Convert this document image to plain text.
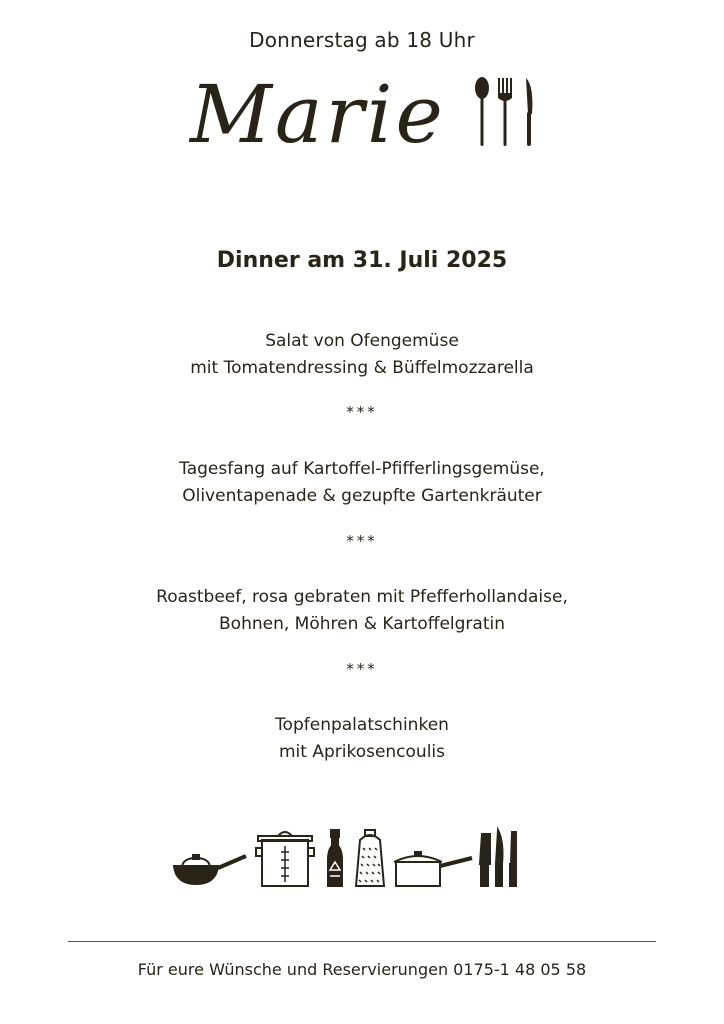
Donnerstag ab 18 Uhr
Marie
Dinner am 31. Juli 2025
Salat von Ofengemüse
mit Tomatendressing & Büffelmozzarella
***
Tagesfang auf Kartoffel-Pfifferlingsgemüse,
Oliventapenade & gezupfte Gartenkräuter
***
Roastbeef, rosa gebraten mit Pfefferhollandaise,
Bohnen, Möhren & Kartoffelgratin
***
Topfenpalatschinken
mit Aprikosencoulis
Für eure Wünsche und Reservierungen 0175-1 48 05 58
